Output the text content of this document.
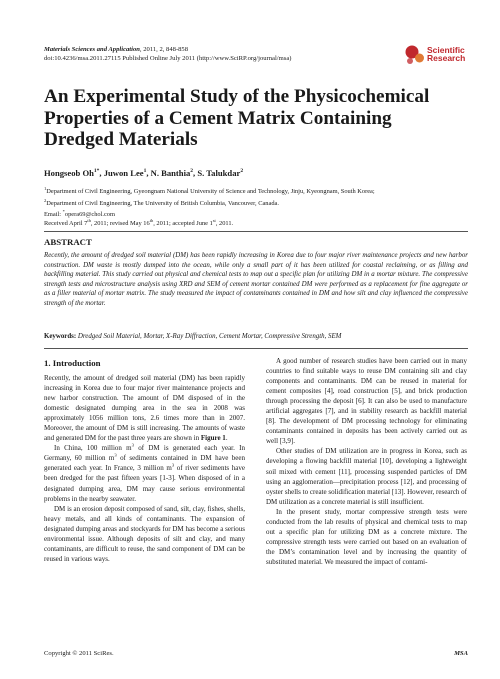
Materials Sciences and Application, 2011, 2, 848-858
doi:10.4236/msa.2011.27115 Published Online July 2011 (http://www.SciRP.org/journal/msa)
Scientific
Research
An Experimental Study of the Physicochemical Properties of a Cement Matrix Containing Dredged Materials
Hongseob $Oh^{1*}$, Juwon Lee$^1$, N. Banthia$^2$, S. Talukdar$^2$
$^1$Department of Civil Engineering, Gyeongnam National University of Science and Technology, Jinju, Kyeongnam, South Korea;
$^2$Department of Civil Engineering, The University of British Columbia, Vancouver, Canada.
Email: *opera69@chol.com
Received April 7th, 2011; revised May 16th, 2011; accepted June 1st, 2011.
ABSTRACT
Recently, the amount of dredged soil material (DM) has been rapidly increasing in Korea due to four major river maintenance projects and new harbor construction. DM waste is mostly dumped into the ocean, while only a small part of it has been utilized for coastal reclaiming, or as filling and backfilling material. This study carried out physical and chemical tests to map out a specific plan for utilizing DM in a mortar mixture. The compressive strength tests and microstructure analysis using XRD and SEM of cement mortar contained DM were performed as a replacement for fine aggregate or as a filler material of mortar matrix. The study measured the impact of contaminants contained in DM and how silt and clay influenced the compressive strength of the mortar.
Keywords: Dredged Soil Material, Mortar, X-Ray Diffraction, Cement Mortar, Compressive Strength, SEM
1. Introduction

Recently, the amount of dredged soil material (DM) has been rapidly increasing in Korea due to four major river maintenance projects and new harbor construction. The amount of DM disposed of in the domestic designated dumping area in the sea in 2008 was approximately 1056 million tons, 2.6 times more than in 2007. Moreover, the amount of DM is still increasing. The amounts of waste and generated DM for the past three years are shown in Figure 1.

In China, 100 million $m^3$ of DM is generated each year. In Germany, 60 million $m^3$ of sediments contained in DM have been generated each year. In France, 3 million $m^3$ of river sediments have been dredged for the past fifteen years [1-3]. When disposed of in a designated dumping area, DM may cause serious environmental problems in the nearby seawater.

DM is an erosion deposit composed of sand, silt, clay, fishes, shells, heavy metals, and all kinds of contaminants. The expansion of designated dumping areas and stockyards for DM has become a serious environmental issue. Although deposits of silt and clay, and many contaminants, are difficult to reuse, the sand component of DM can be reused in various ways.

A good number of research studies have been carried out in many countries to find suitable ways to reuse DM containing silt and clay components and contaminants. DM can be reused in material for cement composites [4], road construction [5], and brick production through processing the deposit [6]. It can also be used to manufacture artificial aggregates [7], and in stability research as backfill material [8]. The development of DM processing technology for eliminating contaminants contained in deposits has been actively carried out as well [3,9].

Other studies of DM utilization are in progress in Korea, such as developing a flowing backfill material [10], developing a lightweight soil mixed with cement [11], processing suspended particles of DM using an agglomeration—precipitation process [12], and processing of oyster shells to create solidification material [13]. However, research of DM utilization as a concrete material is still insufficient.

In the present study, mortar compressive strength tests were conducted from the lab results of physical and chemical tests to map out a specific plan for utilizing DM as a concrete mixture. The compressive strength tests were carried out based on an evaluation of the DM’s contamination level and by increasing the quantity of substituted material. We measured the impact of contami-

Copyright © 2011 SciRes.	MSA
